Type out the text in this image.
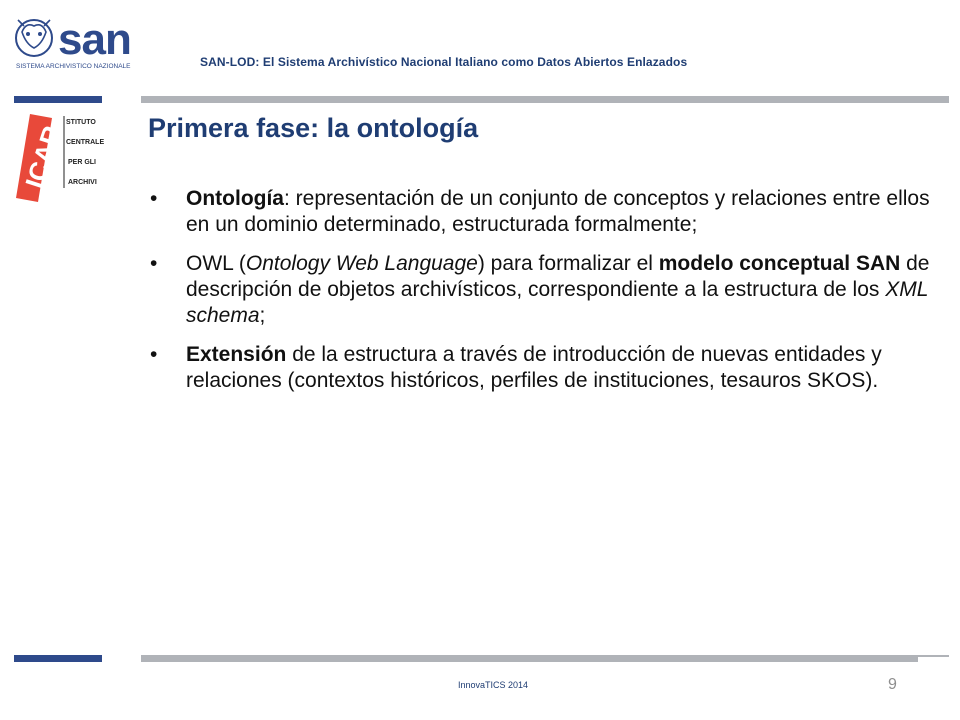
san
SISTEMA ARCHIVISTICO NAZIONALE	SAN-LOD: El Sistema Archivístico Nacional Italiano como Datos Abiertos Enlazados
ICAR
STITUTO
CENTRALE
PER GLI
ARCHIVI
Primera fase: la ontología
• Ontología: representación de un conjunto de conceptos y relaciones entre ellos en un dominio determinado, estructurada formalmente;
• OWL (Ontology Web Language) para formalizar el modelo conceptual SAN de descripción de objetos archivísticos, correspondiente a la estructura de los XML schema;
• Extensión de la estructura a través de introducción de nuevas entidades y relaciones (contextos históricos, perfiles de instituciones, tesauros SKOS).
InnovaTICS 2014	9
